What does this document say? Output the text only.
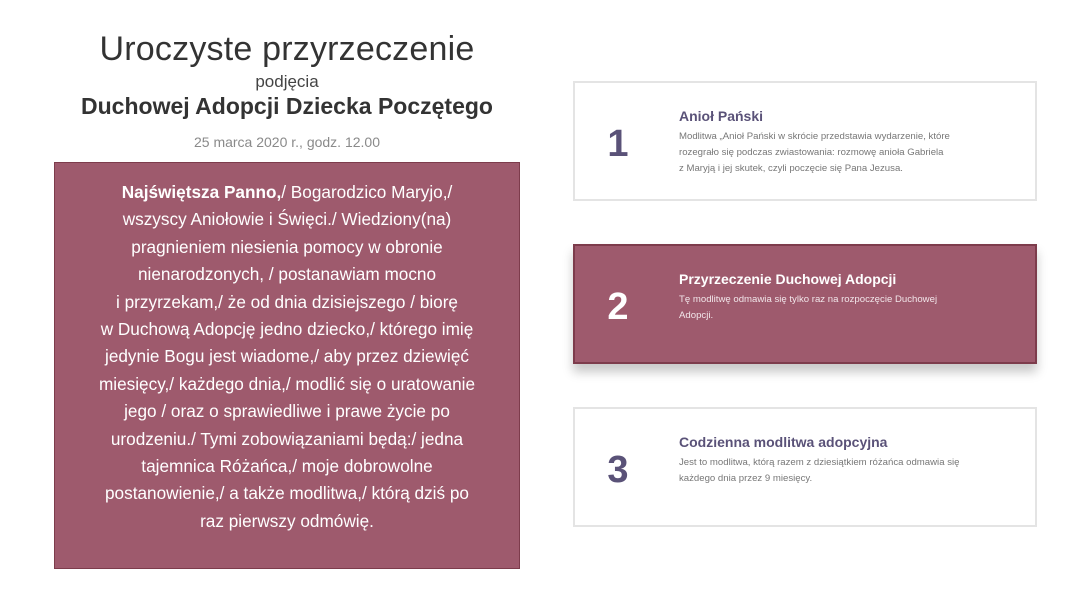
Uroczyste przyrzeczenie
podjęcia
Duchowej Adopcji Dziecka Poczętego
25 marca 2020 r., godz. 12.00
Najświętsza Panno,/ Bogarodzico Maryjo,/
wszyscy Aniołowie i Święci./ Wiedziony(na)
pragnieniem niesienia pomocy w obronie
nienarodzonych, / postanawiam mocno
i przyrzekam,/ że od dnia dzisiejszego / biorę
w Duchową Adopcję jedno dziecko,/ którego imię
jedynie Bogu jest wiadome,/ aby przez dziewięć
miesięcy,/ każdego dnia,/ modlić się o uratowanie
jego / oraz o sprawiedliwe i prawe życie po
urodzeniu./ Tymi zobowiązaniami będą:/ jedna
tajemnica Różańca,/ moje dobrowolne
postanowienie,/ a także modlitwa,/ którą dziś po
raz pierwszy odmówię.
1
Anioł Pański
Modlitwa „Anioł Pański w skrócie przedstawia wydarzenie, które
rozegrało się podczas zwiastowania: rozmowę anioła Gabriela
z Maryją i jej skutek, czyli poczęcie się Pana Jezusa.
2
Przyrzeczenie Duchowej Adopcji
Tę modlitwę odmawia się tylko raz na rozpoczęcie Duchowej
Adopcji.
3
Codzienna modlitwa adopcyjna
Jest to modlitwa, którą razem z dziesiątkiem różańca odmawia się
każdego dnia przez 9 miesięcy.
